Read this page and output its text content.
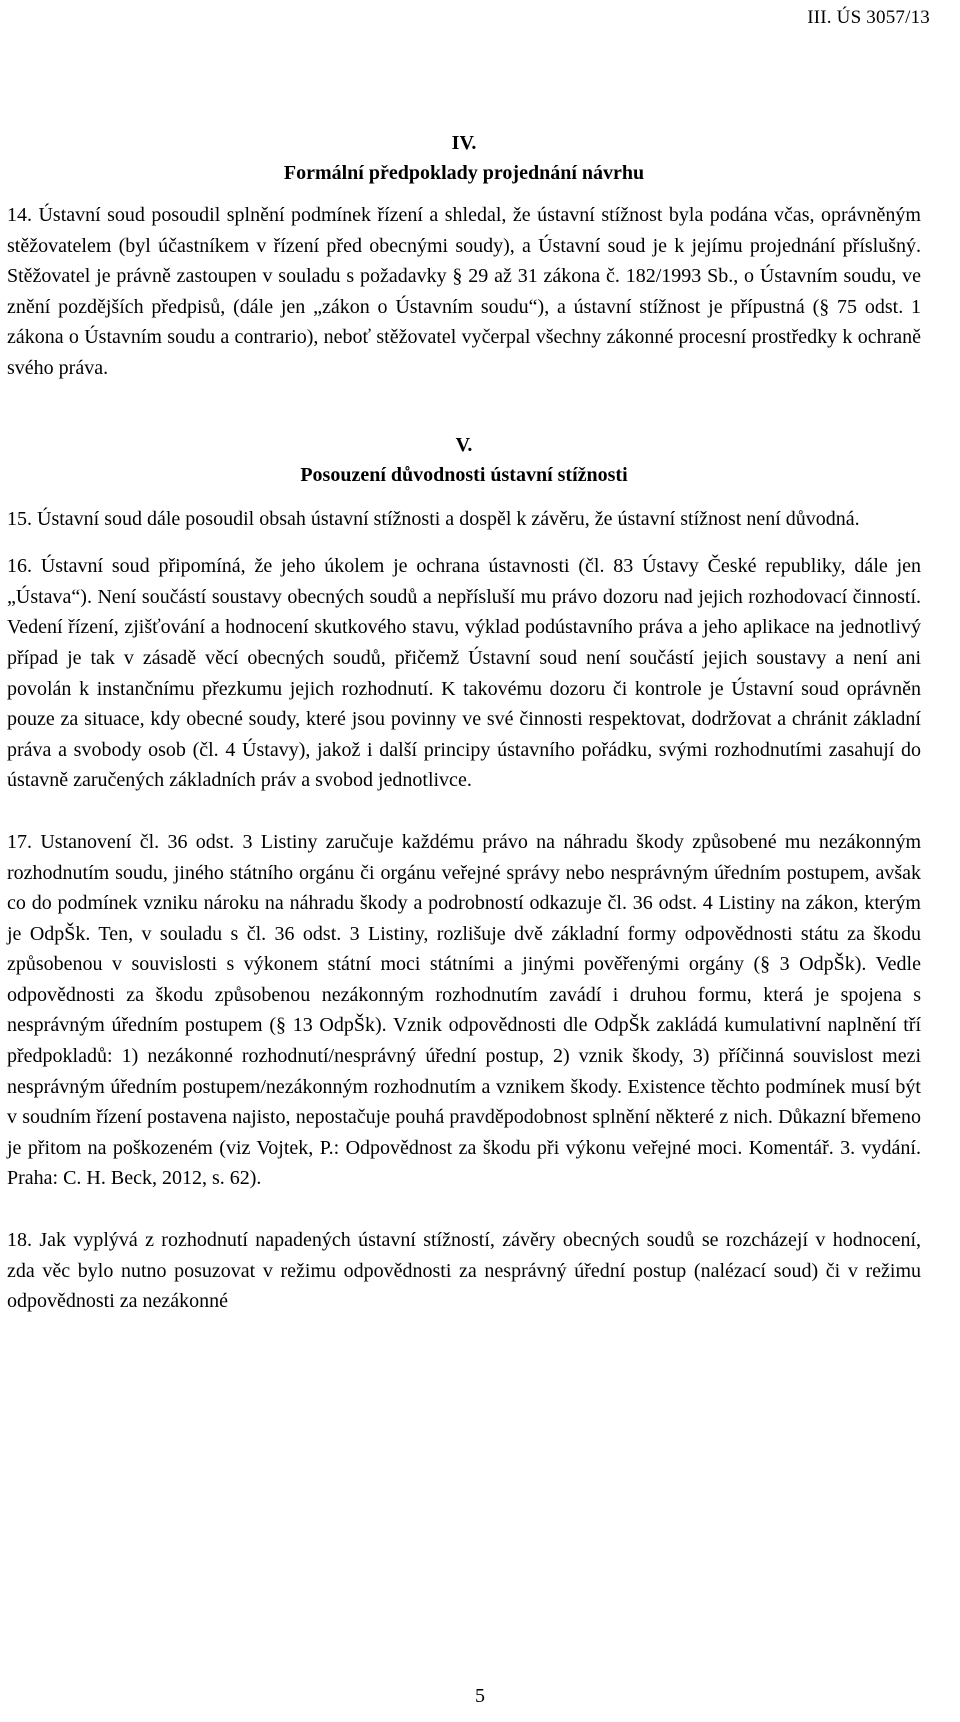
III. ÚS 3057/13

IV.

Formální předpoklady projednání návrhu

14. Ústavní soud posoudil splnění podmínek řízení a shledal, že ústavní stížnost byla podána včas, oprávněným stěžovatelem (byl účastníkem v řízení před obecnými soudy), a Ústavní soud je k jejímu projednání příslušný. Stěžovatel je právně zastoupen v souladu s požadavky § 29 až 31 zákona č. 182/1993 Sb., o Ústavním soudu, ve znění pozdějších předpisů, (dále jen „zákon o Ústavním soudu“), a ústavní stížnost je přípustná (§ 75 odst. 1 zákona o Ústavním soudu a contrario), neboť stěžovatel vyčerpal všechny zákonné procesní prostředky k ochraně svého práva.

V.

Posouzení důvodnosti ústavní stížnosti

15. Ústavní soud dále posoudil obsah ústavní stížnosti a dospěl k závěru, že ústavní stížnost není důvodná.

16. Ústavní soud připomíná, že jeho úkolem je ochrana ústavnosti (čl. 83 Ústavy České republiky, dále jen „Ústava“). Není součástí soustavy obecných soudů a nepřísluší mu právo dozoru nad jejich rozhodovací činností. Vedení řízení, zjišťování a hodnocení skutkového stavu, výklad podústavního práva a jeho aplikace na jednotlivý případ je tak v zásadě věcí obecných soudů, přičemž Ústavní soud není součástí jejich soustavy a není ani povolán k instančnímu přezkumu jejich rozhodnutí. K takovému dozoru či kontrole je Ústavní soud oprávněn pouze za situace, kdy obecné soudy, které jsou povinny ve své činnosti respektovat, dodržovat a chránit základní práva a svobody osob (čl. 4 Ústavy), jakož i další principy ústavního pořádku, svými rozhodnutími zasahují do ústavně zaručených základních práv a svobod jednotlivce.

17. Ustanovení čl. 36 odst. 3 Listiny zaručuje každému právo na náhradu škody způsobené mu nezákonným rozhodnutím soudu, jiného státního orgánu či orgánu veřejné správy nebo nesprávným úředním postupem, avšak co do podmínek vzniku nároku na náhradu škody a podrobností odkazuje čl. 36 odst. 4 Listiny na zákon, kterým je OdpŠk. Ten, v souladu s čl. 36 odst. 3 Listiny, rozlišuje dvě základní formy odpovědnosti státu za škodu způsobenou v souvislosti s výkonem státní moci státními a jinými pověřenými orgány (§ 3 OdpŠk). Vedle odpovědnosti za škodu způsobenou nezákonným rozhodnutím zavádí i druhou formu, která je spojena s nesprávným úředním postupem (§ 13 OdpŠk). Vznik odpovědnosti dle OdpŠk zakládá kumulativní naplnění tří předpokladů: 1) nezákonné rozhodnutí/nesprávný úřední postup, 2) vznik škody, 3) příčinná souvislost mezi nesprávným úředním postupem/nezákonným rozhodnutím a vznikem škody. Existence těchto podmínek musí být v soudním řízení postavena najisto, nepostačuje pouhá pravděpodobnost splnění některé z nich. Důkazní břemeno je přitom na poškozeném (viz Vojtek, P.: Odpovědnost za škodu při výkonu veřejné moci. Komentář. 3. vydání. Praha: C. H. Beck, 2012, s. 62).

18. Jak vyplývá z rozhodnutí napadených ústavní stížností, závěry obecných soudů se rozcházejí v hodnocení, zda věc bylo nutno posuzovat v režimu odpovědnosti za nesprávný úřední postup (nalézací soud) či v režimu odpovědnosti za nezákonné

5
